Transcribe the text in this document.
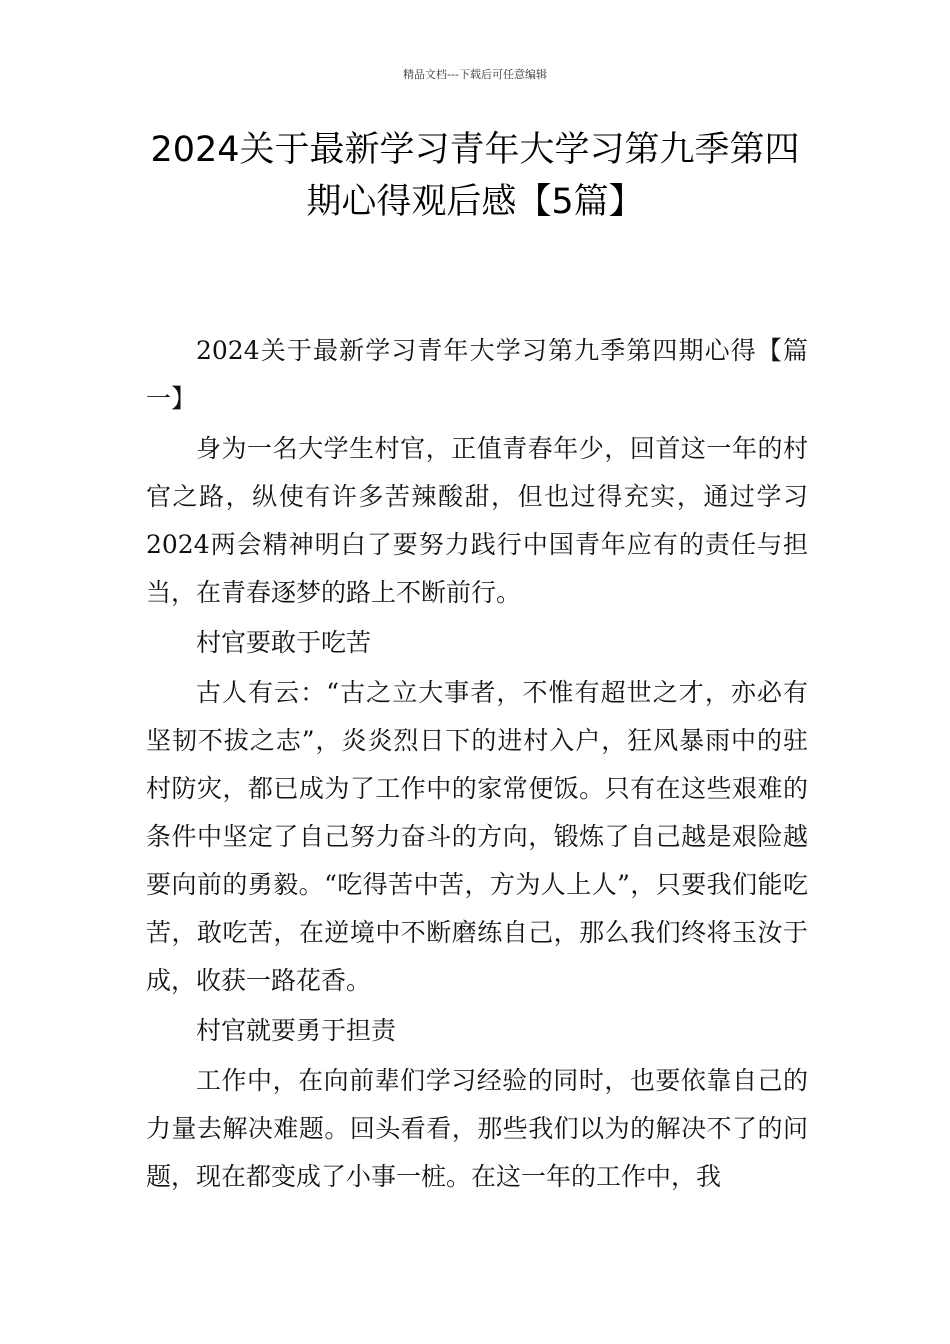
精品文档---下载后可任意编辑
2024关于最新学习青年大学习第九季第四期心得观后感【5篇】

2024关于最新学习青年大学习第九季第四期心得【篇一】

身为一名大学生村官，正值青春年少，回首这一年的村官之路，纵使有许多苦辣酸甜，但也过得充实，通过学习2024两会精神明白了要努力践行中国青年应有的责任与担当，在青春逐梦的路上不断前行。

村官要敢于吃苦

古人有云：“古之立大事者，不惟有超世之才，亦必有坚韧不拔之志”，炎炎烈日下的进村入户，狂风暴雨中的驻村防灾，都已成为了工作中的家常便饭。只有在这些艰难的条件中坚定了自己努力奋斗的方向，锻炼了自己越是艰险越要向前的勇毅。“吃得苦中苦，方为人上人”，只要我们能吃苦，敢吃苦，在逆境中不断磨练自己，那么我们终将玉汝于成，收获一路花香。

村官就要勇于担责

工作中，在向前辈们学习经验的同时，也要依靠自己的力量去解决难题。回头看看，那些我们以为的解决不了的问题，现在都变成了小事一桩。在这一年的工作中，我
